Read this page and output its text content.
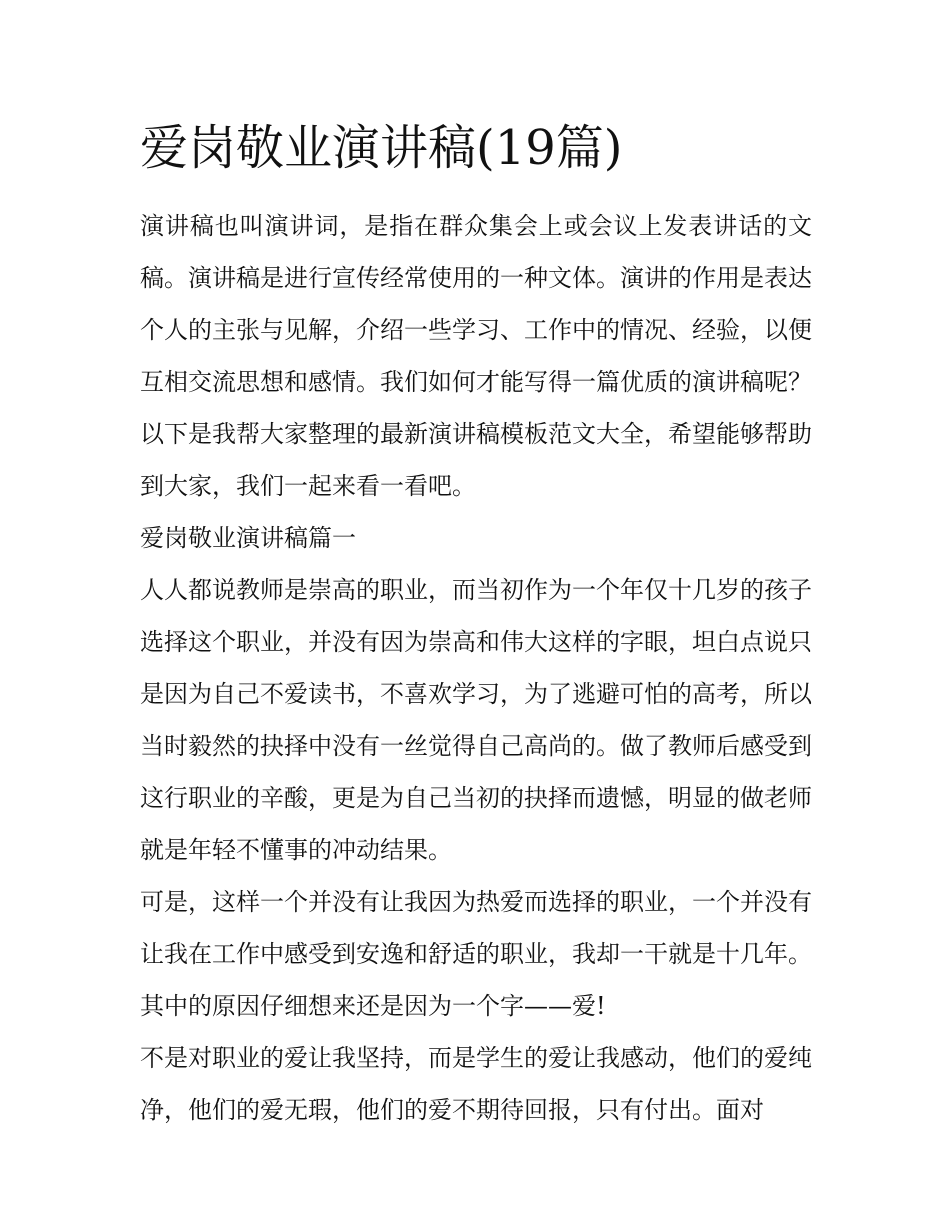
爱岗敬业演讲稿(19篇)

演讲稿也叫演讲词，是指在群众集会上或会议上发表讲话的文稿。演讲稿是进行宣传经常使用的一种文体。演讲的作用是表达个人的主张与见解，介绍一些学习、工作中的情况、经验，以便互相交流思想和感情。我们如何才能写得一篇优质的演讲稿呢？以下是我帮大家整理的最新演讲稿模板范文大全，希望能够帮助到大家，我们一起来看一看吧。

爱岗敬业演讲稿篇一

人人都说教师是崇高的职业，而当初作为一个年仅十几岁的孩子选择这个职业，并没有因为崇高和伟大这样的字眼，坦白点说只是因为自己不爱读书，不喜欢学习，为了逃避可怕的高考，所以当时毅然的抉择中没有一丝觉得自己高尚的。做了教师后感受到这行职业的辛酸，更是为自己当初的抉择而遗憾，明显的做老师就是年轻不懂事的冲动结果。

可是，这样一个并没有让我因为热爱而选择的职业，一个并没有让我在工作中感受到安逸和舒适的职业，我却一干就是十几年。其中的原因仔细想来还是因为一个字——爱!

不是对职业的爱让我坚持，而是学生的爱让我感动，他们的爱纯净，他们的爱无瑕，他们的爱不期待回报，只有付出。面对
